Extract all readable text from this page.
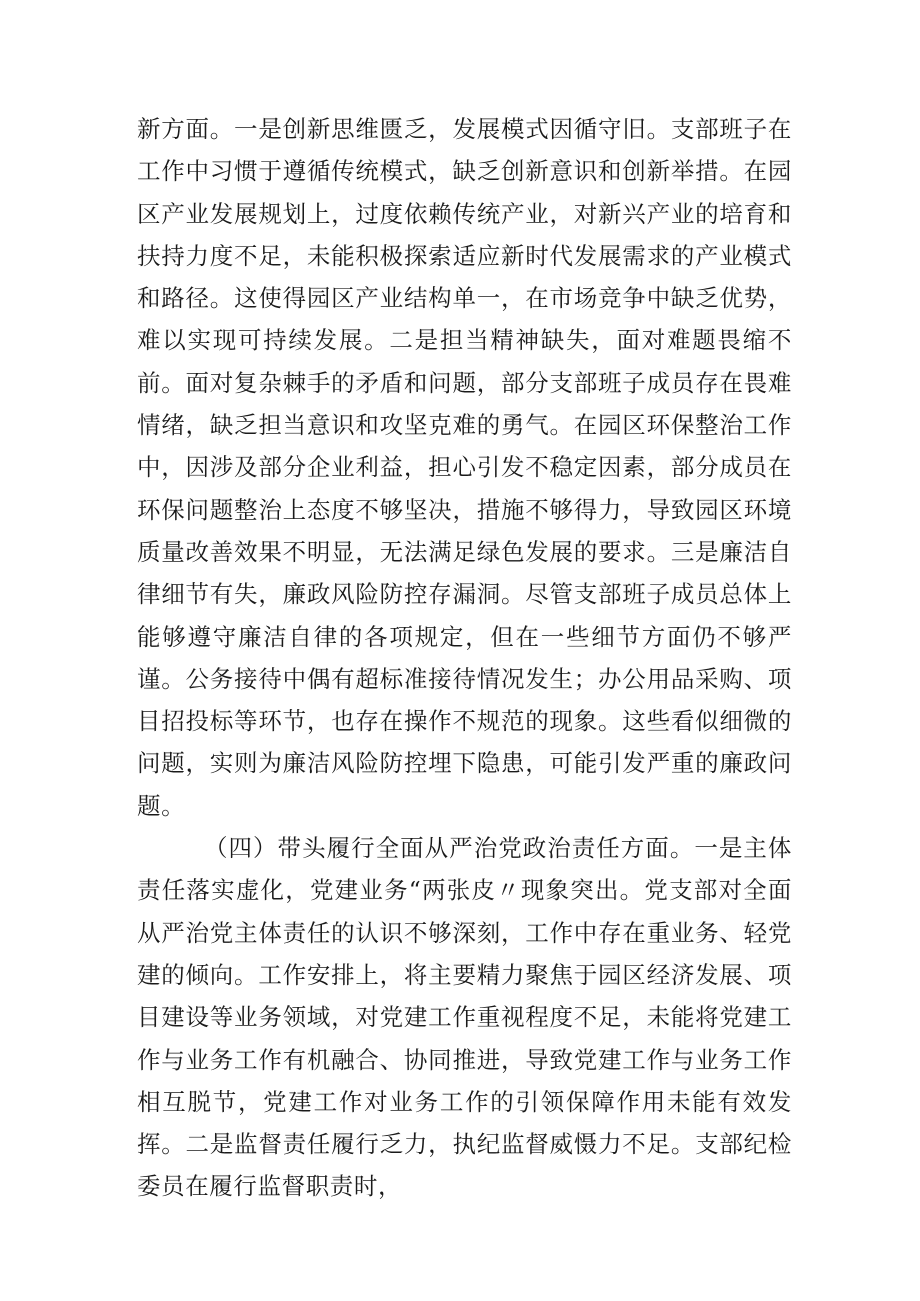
新方面。一是创新思维匮乏，发展模式因循守旧。支部班子在工作中习惯于遵循传统模式，缺乏创新意识和创新举措。在园区产业发展规划上，过度依赖传统产业，对新兴产业的培育和扶持力度不足，未能积极探索适应新时代发展需求的产业模式和路径。这使得园区产业结构单一，在市场竞争中缺乏优势，难以实现可持续发展。二是担当精神缺失，面对难题畏缩不前。面对复杂棘手的矛盾和问题，部分支部班子成员存在畏难情绪，缺乏担当意识和攻坚克难的勇气。在园区环保整治工作中，因涉及部分企业利益，担心引发不稳定因素，部分成员在环保问题整治上态度不够坚决，措施不够得力，导致园区环境质量改善效果不明显，无法满足绿色发展的要求。三是廉洁自律细节有失，廉政风险防控存漏洞。尽管支部班子成员总体上能够遵守廉洁自律的各项规定，但在一些细节方面仍不够严谨。公务接待中偶有超标准接待情况发生；办公用品采购、项目招投标等环节，也存在操作不规范的现象。这些看似细微的问题，实则为廉洁风险防控埋下隐患，可能引发严重的廉政问题。

（四）带头履行全面从严治党政治责任方面。一是主体责任落实虚化，党建业务“两张皮〃现象突出。党支部对全面从严治党主体责任的认识不够深刻，工作中存在重业务、轻党建的倾向。工作安排上，将主要精力聚焦于园区经济发展、项目建设等业务领域，对党建工作重视程度不足，未能将党建工作与业务工作有机融合、协同推进，导致党建工作与业务工作相互脱节，党建工作对业务工作的引领保障作用未能有效发挥。二是监督责任履行乏力，执纪监督威慑力不足。支部纪检委员在履行监督职责时，
